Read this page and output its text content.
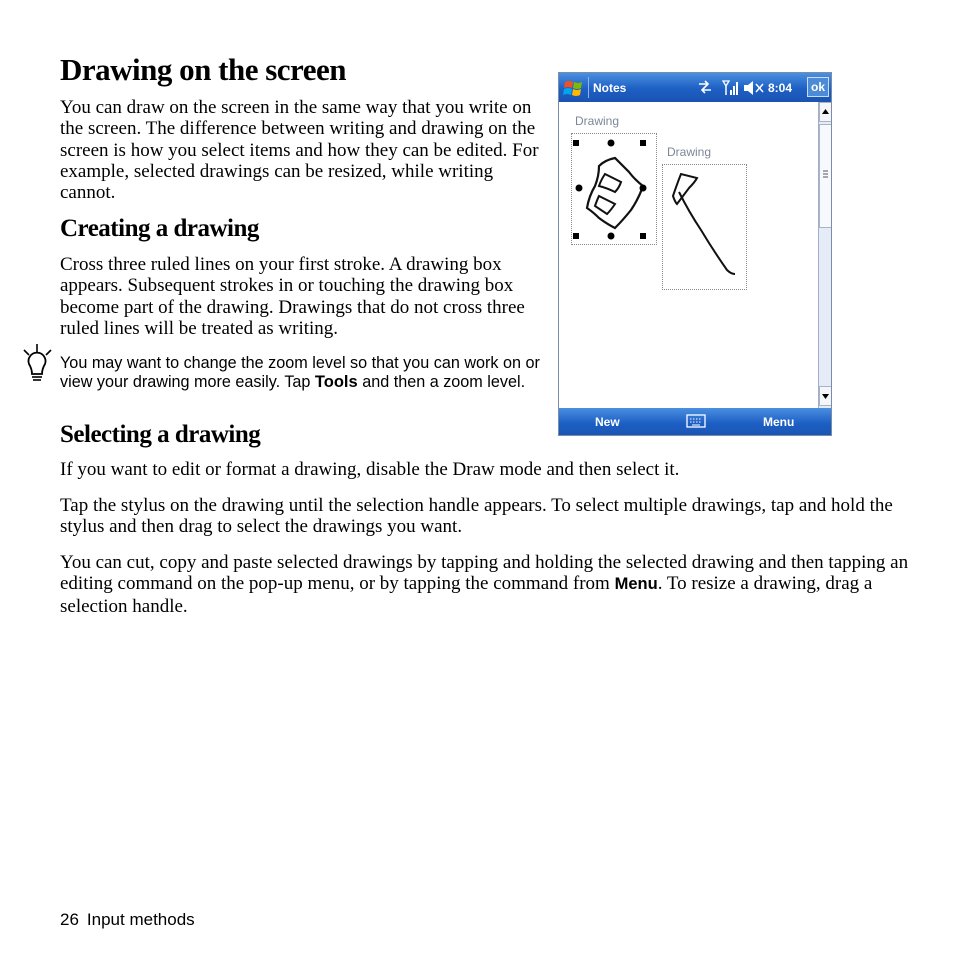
Drawing on the screen

You can draw on the screen in the same way that you write on the screen. The difference between writing and drawing on the screen is how you select items and how they can be edited. For example, selected drawings can be resized, while writing cannot.

Creating a drawing

Cross three ruled lines on your first stroke. A drawing box appears. Subsequent strokes in or touching the drawing box become part of the drawing. Drawings that do not cross three ruled lines will be treated as writing.

You may want to change the zoom level so that you can work on or view your drawing more easily. Tap Tools and then a zoom level.
Selecting a drawing

If you want to edit or format a drawing, disable the Draw mode and then select it.

Tap the stylus on the drawing until the selection handle appears. To select multiple drawings, tap and hold the stylus and then drag to select the drawings you want.

You can cut, copy and paste selected drawings by tapping and holding the selected drawing and then tapping an editing command on the pop-up menu, or by tapping the command from Menu. To resize a drawing, drag a selection handle.

Notes	8:04	ok
Drawing
Drawing
New	Menu
26 Input methods
